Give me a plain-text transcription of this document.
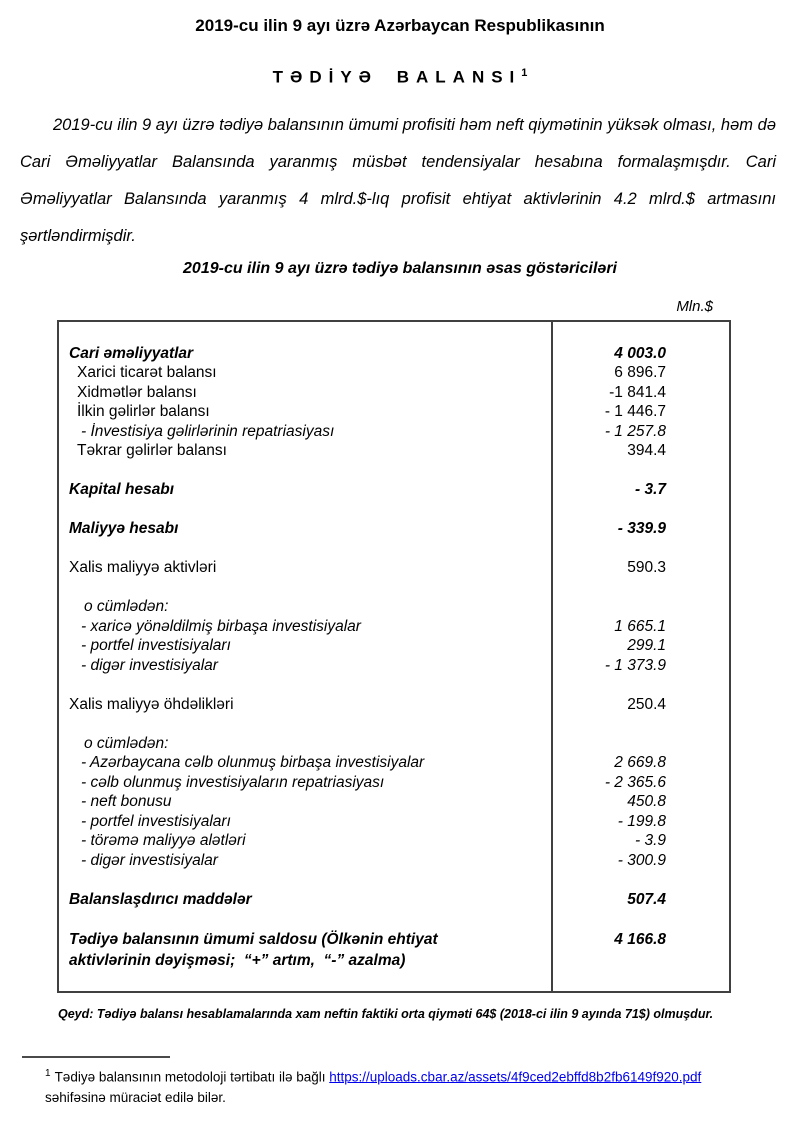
2019-cu ilin 9 ayı üzrə Azərbaycan Respublikasının
TƏDİYƏ BALANSI$^1$
2019-cu ilin 9 ayı üzrə tədiyə balansının ümumi profisiti həm neft qiymətinin yüksək olması, həm də Cari Əməliyyatlar Balansında yaranmış müsbət tendensiyalar hesabına formalaşmışdır. Cari Əməliyyatlar Balansında yaranmış 4 mlrd.$-lıq profisit ehtiyat aktivlərinin 4.2 mlrd.$ artmasını şərtləndirmişdir.
2019-cu ilin 9 ayı üzrə tədiyə balansının əsas göstəriciləri
Mln.$
Cari əməliyyatlar	4 003.0
Xarici ticarət balansı	6 896.7
Xidmətlər balansı	-1 841.4
İlkin gəlirlər balansı	- 1 446.7
- İnvestisiya gəlirlərinin repatriasiyası	- 1 257.8
Təkrar gəlirlər balansı	394.4
Kapital hesabı	- 3.7
Maliyyə hesabı	- 339.9
Xalis maliyyə aktivləri	590.3
o cümlədən:
- xaricə yönəldilmiş birbaşa investisiyalar	1 665.1
- portfel investisiyaları	299.1
- digər investisiyalar	- 1 373.9
Xalis maliyyə öhdəlikləri	250.4
o cümlədən:
- Azərbaycana cəlb olunmuş birbaşa investisiyalar	2 669.8
- cəlb olunmuş investisiyaların repatriasiyası	- 2 365.6
- neft bonusu	450.8
- portfel investisiyaları	- 199.8
- törəmə maliyyə alətləri	- 3.9
- digər investisiyalar	- 300.9
Balanslaşdırıcı maddələr	507.4
Tədiyə balansının ümumi saldosu (Ölkənin ehtiyat aktivlərinin dəyişməsi;  “+” artım,  “-” azalma)
4 166.8
Qeyd: Tədiyə balansı hesablamalarında xam neftin faktiki orta qiyməti 64$ (2018-ci ilin 9 ayında 71$) olmuşdur.
$^1$ Tədiyə balansının metodoloji tərtibatı ilə bağlı https://uploads.cbar.az/assets/4f9ced2ebffd8b2fb6149f920.pdf səhifəsinə müraciət edilə bilər.
